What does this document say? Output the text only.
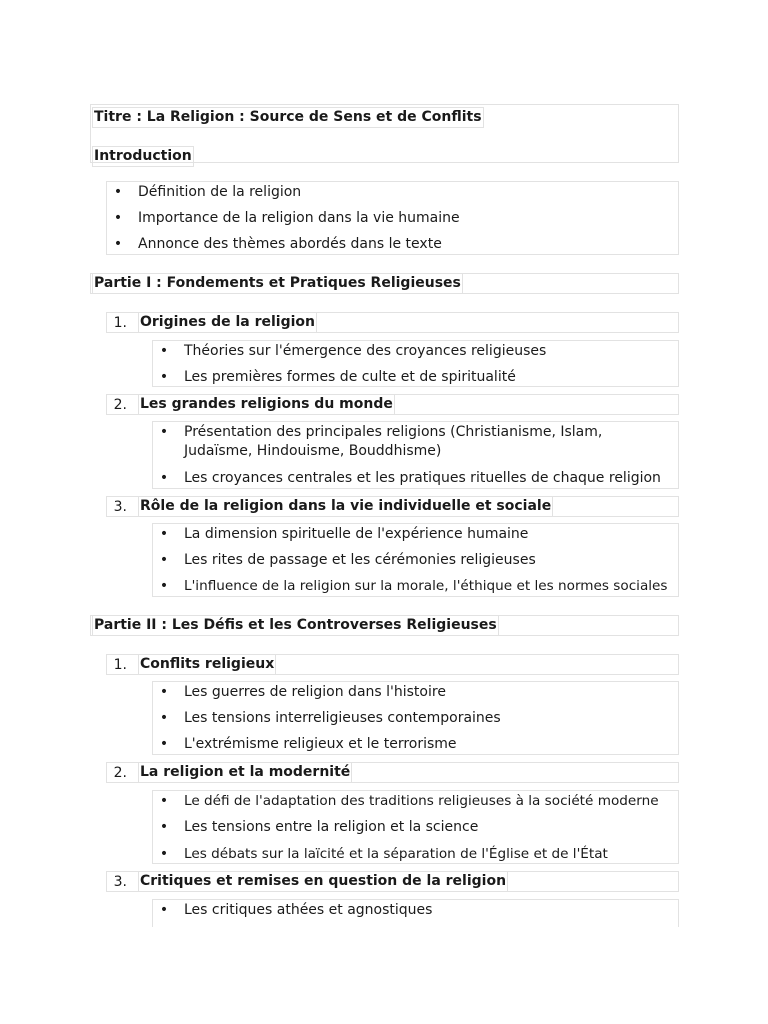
Titre : La Religion : Source de Sens et de Conflits
Introduction
• Définition de la religion
• Importance de la religion dans la vie humaine
• Annonce des thèmes abordés dans le texte
Partie I : Fondements et Pratiques Religieuses
1. Origines de la religion
• Théories sur l'émergence des croyances religieuses
• Les premières formes de culte et de spiritualité
2. Les grandes religions du monde
• Présentation des principales religions (Christianisme, Islam, Judaïsme, Hindouisme, Bouddhisme)
• Les croyances centrales et les pratiques rituelles de chaque religion
3. Rôle de la religion dans la vie individuelle et sociale
• La dimension spirituelle de l'expérience humaine
• Les rites de passage et les cérémonies religieuses
• L'influence de la religion sur la morale, l'éthique et les normes sociales
Partie II : Les Défis et les Controverses Religieuses
1. Conflits religieux
• Les guerres de religion dans l'histoire
• Les tensions interreligieuses contemporaines
• L'extrémisme religieux et le terrorisme
2. La religion et la modernité
• Le défi de l'adaptation des traditions religieuses à la société moderne
• Les tensions entre la religion et la science
• Les débats sur la laïcité et la séparation de l'Église et de l'État
3. Critiques et remises en question de la religion
• Les critiques athées et agnostiques
